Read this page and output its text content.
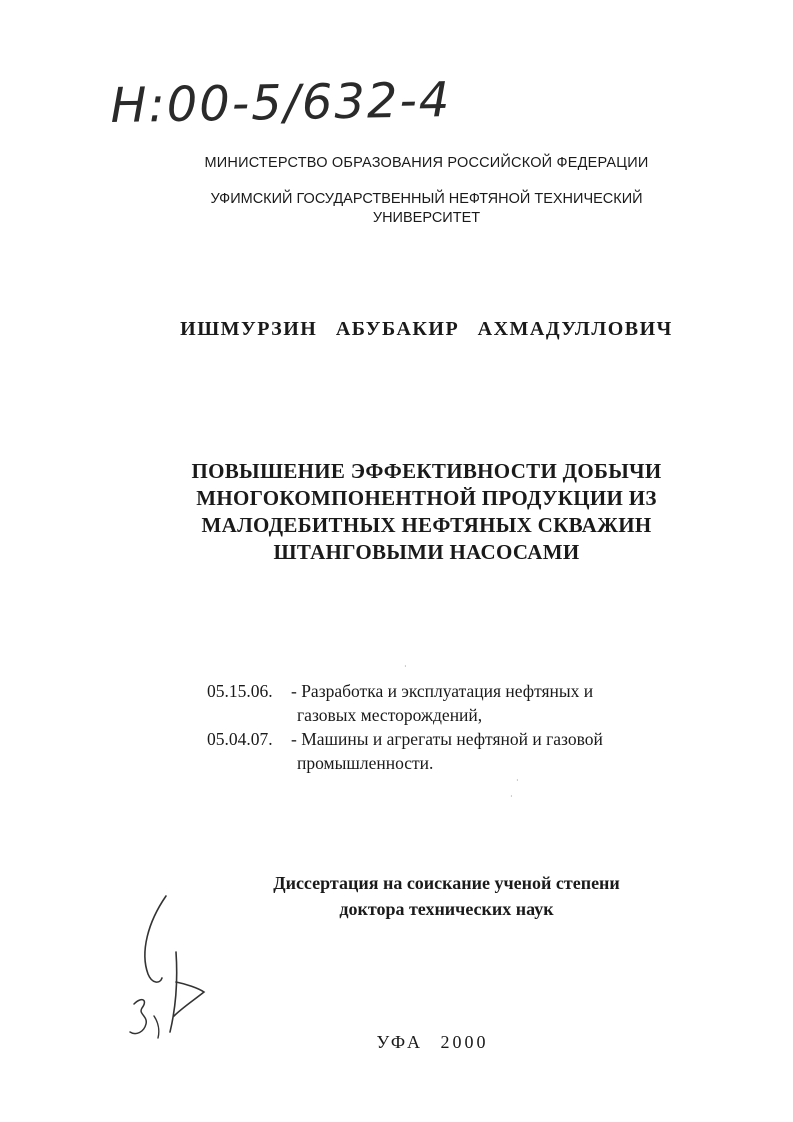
Н:00-5/632-4
МИНИСТЕРСТВО ОБРАЗОВАНИЯ РОССИЙСКОЙ ФЕДЕРАЦИИ
УФИМСКИЙ ГОСУДАРСТВЕННЫЙ НЕФТЯНОЙ ТЕХНИЧЕСКИЙ
УНИВЕРСИТЕТ
ИШМУРЗИН АБУБАКИР АХМАДУЛЛОВИЧ
ПОВЫШЕНИЕ ЭФФЕКТИВНОСТИ ДОБЫЧИ
МНОГОКОМПОНЕНТНОЙ ПРОДУКЦИИ ИЗ
МАЛОДЕБИТНЫХ НЕФТЯНЫХ СКВАЖИН
ШТАНГОВЫМИ НАСОСАМИ
05.15.06.	- Разработка и эксплуатация нефтяных и
газовых месторождений,
05.04.07.	- Машины и агрегаты нефтяной и газовой
промышленности.
Диссертация на соискание ученой степени
доктора технических наук
УФА 2000
·
·
·
